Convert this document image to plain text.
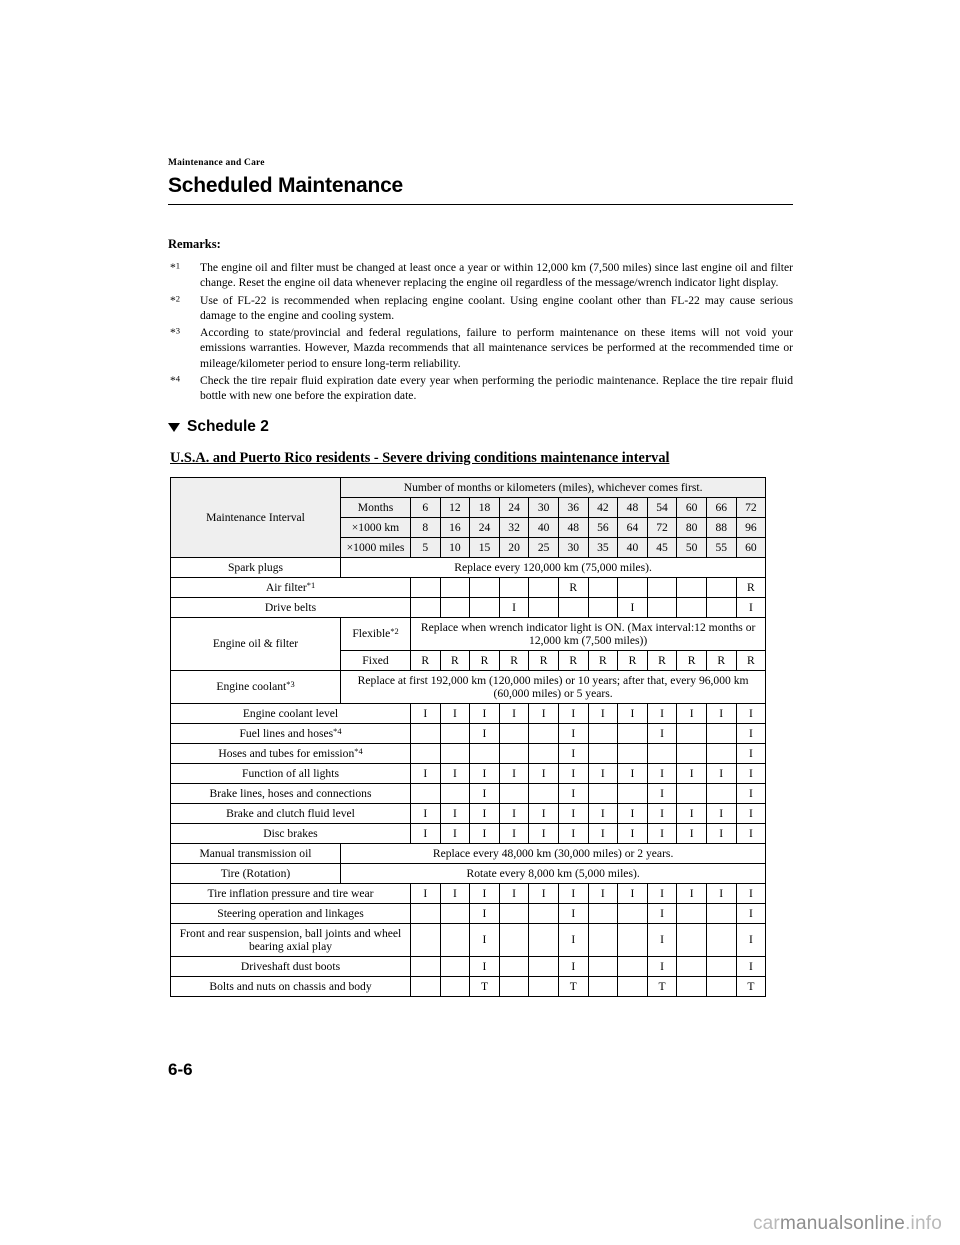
Maintenance and Care
Scheduled Maintenance
Remarks:
*$^1$	The engine oil and filter must be changed at least once a year or within 12,000 km (7,500 miles) since last engine oil and filter change. Reset the engine oil data whenever replacing the engine oil regardless of the message/wrench indicator light display.
*$^2$	Use of FL-22 is recommended when replacing engine coolant. Using engine coolant other than FL-22 may cause serious damage to the engine and cooling system.
*$^3$	According to state/provincial and federal regulations, failure to perform maintenance on these items will not void your emissions warranties. However, Mazda recommends that all maintenance services be performed at the recommended time or mileage/kilometer period to ensure long-term reliability.
*$^4$	Check the tire repair fluid expiration date every year when performing the periodic maintenance. Replace the tire repair fluid bottle with new one before the expiration date.
Schedule 2
U.S.A. and Puerto Rico residents - Severe driving conditions maintenance interval
Maintenance Interval	Number of months or kilometers (miles), whichever comes first.												
	Months	6	12	18	24	30	36	42	48	54	60	66	72
	×1000 km	8	16	24	32	40	48	56	64	72	80	88	96
	×1000 miles	5	10	15	20	25	30	35	40	45	50	55	60
Spark plugs	Replace every 120,000 km (75,000 miles).												
Air filter$^{*1}$							R						R
Drive belts					I				I				I
Engine oil & filter	Flexible$^{*2}$	Replace when wrench indicator light is ON. (Max interval:12 months or 12,000 km (7,500 miles))											
	Fixed	R	R	R	R	R	R	R	R	R	R	R	R
Engine coolant$^{*3}$	Replace at first 192,000 km (120,000 miles) or 10 years; after that, every 96,000 km (60,000 miles) or 5 years.												
Engine coolant level		I	I	I	I	I	I	I	I	I	I	I	I
Fuel lines and hoses$^{*4}$				I			I			I			I
Hoses and tubes for emission$^{*4}$							I						I
Function of all lights		I	I	I	I	I	I	I	I	I	I	I	I
Brake lines, hoses and connections				I			I			I			I
Brake and clutch fluid level		I	I	I	I	I	I	I	I	I	I	I	I
Disc brakes		I	I	I	I	I	I	I	I	I	I	I	I
Manual transmission oil	Replace every 48,000 km (30,000 miles) or 2 years.												
Tire (Rotation)	Rotate every 8,000 km (5,000 miles).												
Tire inflation pressure and tire wear		I	I	I	I	I	I	I	I	I	I	I	I
Steering operation and linkages				I			I			I			I
Front and rear suspension, ball joints and wheel bearing axial play				I			I			I			I
Driveshaft dust boots				I			I			I			I
Bolts and nuts on chassis and body				T			T			T			T
6-6
carmanualsonline.info
